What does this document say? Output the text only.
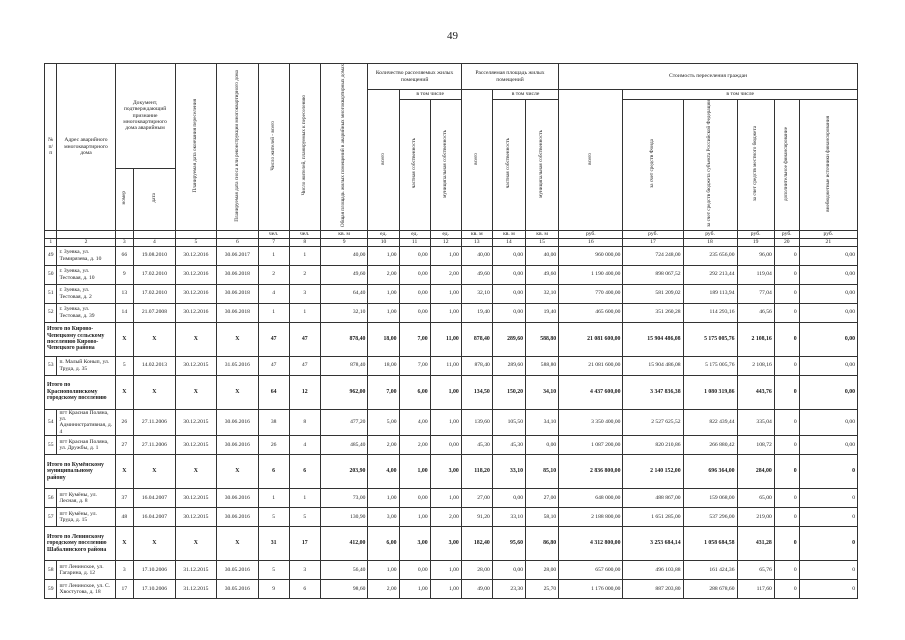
49
№ п/п	Адрес аварийного многоквартирного дома	Документ, подтверждающий признание многоквартирного дома аварийным		Планируемая дата окончания переселения	Планируемая дата сноса или реконструкции многоквартирного дома	Число жителей - всего	Число жителей, планируемых к переселению	Общая площадь жилых помещений в аварийных многоквартирных домах	Количество расселяемых жилых помещений			Расселяемая площадь жилых помещений			Стоимость переселения граждан					
									всего	в том числе		всего	в том числе		всего	в том числе				
										частная собственность	муниципальная собственность		частная собственность	муниципальная собственность		за счет средств Фонда	за счет средств бюджета субъекта Российской Федерации	за счет средств местного бюджета	дополнительное финансирование	внебюджетные источники финансирования
		номер	дата																	
						чел.	чел.	кв. м	ед.	ед.	ед.	кв. м	кв. м	кв. м	руб.	руб.	руб.	руб.	руб.	руб.
1	2	3	4	5	6	7	8	9	10	11	12	13	14	15	16	17	18	19	20	21
49	г. Зуевка, ул. Тимирязева, д. 10	66	19.08.2010	30.12.2016	30.06.2017	1	1	40,00	1,00	0,00	1,00	40,00	0,00	40,00	960 000,00	724 248,00	235 656,00	96,00	0	0,00
50	г. Зуевка, ул. Тестовая, д. 10	9	17.02.2010	30.12.2016	30.06.2018	2	2	49,60	2,00	0,00	2,00	49,60	0,00	49,60	1 190 400,00	898 067,52	292 213,44	119,04	0	0,00
51	г. Зуевка, ул. Тестовая, д. 2	13	17.02.2010	30.12.2016	30.06.2018	4	3	64,40	1,00	0,00	1,00	32,10	0,00	32,10	770 400,00	581 209,02	189 113,94	77,04	0	0,00
52	г. Зуевка, ул. Тестовая, д. 39	14	21.07.2008	30.12.2016	30.06.2018	1	1	32,10	1,00	0,00	1,00	19,40	0,00	19,40	465 600,00	351 260,28	114 293,16	46,56	0	0,00
Итого по Кирово-Чепецкому сельскому поселению Кирово-Чепецкого района		X	X	X	X	47	47	878,40	18,00	7,00	11,00	878,40	289,60	588,80	21 081 600,00	15 904 486,08	5 175 005,76	2 108,16	0	0,00
53	п. Малый Конып, ул. Труда, д. 35	5	14.02.2013	30.12.2015	31.05.2016	47	47	878,40	18,00	7,00	11,00	878,40	289,60	588,80	21 081 600,00	15 904 486,08	5 175 005,76	2 108,16	0	0,00
Итого по Краснополянскому городскому поселению		X	X	X	X	64	12	962,00	7,00	6,00	1,00	134,50	150,20	34,10	4 437 600,00	3 347 836,38	1 080 319,86	443,76	0	0,00
54	пгт Красная Поляна, ул. Административная, д. 4	26	27.11.2006	30.12.2015	30.06.2016	38	8	477,20	5,00	4,00	1,00	139,60	105,50	34,10	3 350 400,00	2 527 625,52	822 439,44	335,04	0	0,00
55	пгт Красная Поляна, ул. Дружбы, д. 1	27	27.11.2006	30.12.2015	30.06.2016	26	4	485,40	2,00	2,00	0,00	45,30	45,30	0,00	1 087 200,00	820 210,86	266 880,42	108,72	0	0,00
Итого по Кумёнскому муниципальному району		X	X	X	X	6	6	203,90	4,00	1,00	3,00	118,20	33,10	85,10	2 836 800,00	2 140 152,00	696 364,00	284,00	0	0
56	пгт Кумёны, ул. Лесная, д. 8	37	16.04.2007	30.12.2015	30.06.2016	1	1	73,00	1,00	0,00	1,00	27,00	0,00	27,00	648 000,00	488 867,00	159 068,00	65,00	0	0
57	пгт Кумёны, ул. Труда, д. 15	48	16.04.2007	30.12.2015	30.06.2016	5	5	130,90	3,00	1,00	2,00	91,20	33,10	58,10	2 188 800,00	1 651 285,00	537 296,00	219,00	0	0
Итого по Ленинскому городскому поселению Шабалинского района		X	X	X	X	31	17	412,00	6,00	3,00	3,00	182,40	95,60	86,80	4 312 800,00	3 253 684,14	1 058 684,58	431,28	0	0
58	пгт Ленинское, ул. Гагарина, д. 12	3	17.10.2006	31.12.2015	30.05.2016	5	3	56,40	1,00	0,00	1,00	28,00	0,00	28,00	657 600,00	496 103,88	161 424,36	65,76	0	0
59	пгт Ленинское, ул. С. Хвостугова, д. 18	17	17.10.2006	31.12.2015	30.05.2016	9	6	98,60	2,00	1,00	1,00	49,00	23,30	25,70	1 176 000,00	887 203,80	288 678,60	117,60	0	0
